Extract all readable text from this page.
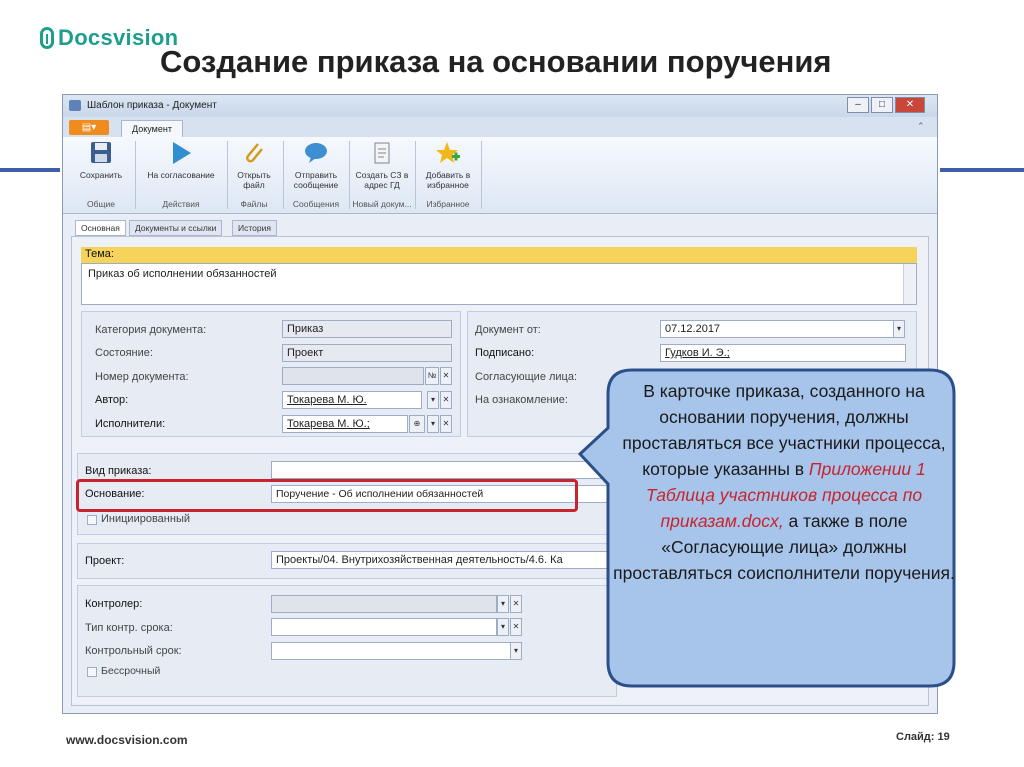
Docsvision
Создание приказа на основании поручения
Шаблон приказа - Документ	–	□	✕
▤▾	Документ	⌃
Сохранить
Общие
На согласование
Действия
Открыть файл
Файлы
Отправить сообщение
Сообщения
Создать СЗ в адрес ГД
Новый докум...
Добавить в избранное
Избранное
Основная	Документы и ссылки	История
Тема:
Приказ об исполнении обязанностей
Категория документа:	Приказ
Состояние:	Проект
Номер документа:	№ ✕
Автор:	Токарева М. Ю.	▾ ✕
Исполнители:	Токарева М. Ю.;	⊕	▾ ✕
Документ от:	07.12.2017	▾
Подписано:	Гудков И. Э.;
Согласующие лица:
На ознакомление:
Вид приказа:
Основание:	Поручение - Об исполнении обязанностей
Инициированный
Проект:	Проекты/04. Внутрихозяйственная деятельность/4.6. Ка
Контролер:	▾ ✕
Тип контр. срока:	▾ ✕
Контрольный срок:	▾
Бессрочный
В карточке приказа, созданного на основании поручения, должны проставляться все участники процесса, которые указанны в Приложении 1 Таблица участников процесса по приказам.docx, а также в поле «Согласующие лица» должны проставляться соисполнители поручения.
www.docsvision.com	Слайд: 19
